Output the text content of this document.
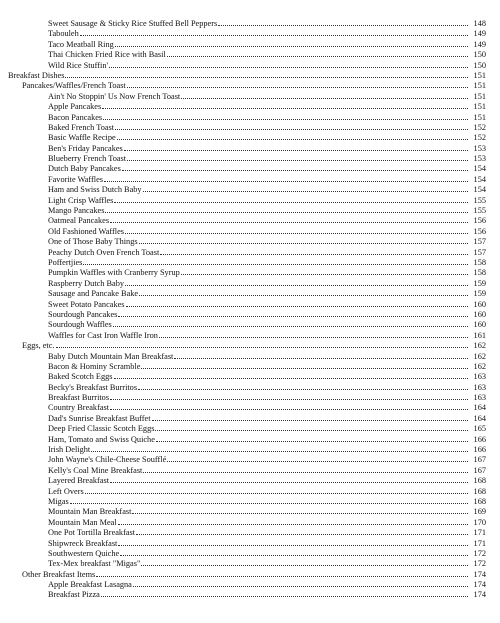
Sweet Sausage & Sticky Rice Stuffed Bell Peppers	148
Tabouleh	149
Taco Meatball Ring	149
Thai Chicken Fried Rice with Basil	150
Wild Rice Stuffin'	150
Breakfast Dishes	151
Pancakes/Waffles/French Toast	151
Ain't No Stoppin' Us Now French Toast	151
Apple Pancakes	151
Bacon Pancakes	151
Baked French Toast	152
Basic Waffle Recipe	152
Ben's Friday Pancakes	153
Blueberry French Toast	153
Dutch Baby Pancakes	154
Favorite Waffles	154
Ham and Swiss Dutch Baby	154
Light Crisp Waffles	155
Mango Pancakes	155
Oatmeal Pancakes	156
Old Fashioned Waffles	156
One of Those Baby Things	157
Peachy Dutch Oven French Toast	157
Poffertjies	158
Pumpkin Waffles with Cranberry Syrup	158
Raspberry Dutch Baby	159
Sausage and Pancake Bake	159
Sweet Potato Pancakes	160
Sourdough Pancakes	160
Sourdough Waffles	160
Waffles for Cast Iron Waffle Iron	161
Eggs, etc.	162
Baby Dutch Mountain Man Breakfast	162
Bacon & Hominy Scramble	162
Baked Scotch Eggs	163
Becky's Breakfast Burritos	163
Breakfast Burritos	163
Country Breakfast	164
Dad's Sunrise Breakfast Buffet	164
Deep Fried Classic Scotch Eggs	165
Ham, Tomato and Swiss Quiche	166
Irish Delight	166
John Wayne's Chile-Cheese Soufflé	167
Kelly's Coal Mine Breakfast	167
Layered Breakfast	168
Left Overs	168
Migas	168
Mountain Man Breakfast	169
Mountain Man Meal	170
One Pot Tortilla Breakfast	171
Shipwreck Breakfast	171
Southwestern Quiche	172
Tex-Mex breakfast "Migas"	172
Other Breakfast Items	174
Apple Breakfast Lasagna	174
Breakfast Pizza	174
